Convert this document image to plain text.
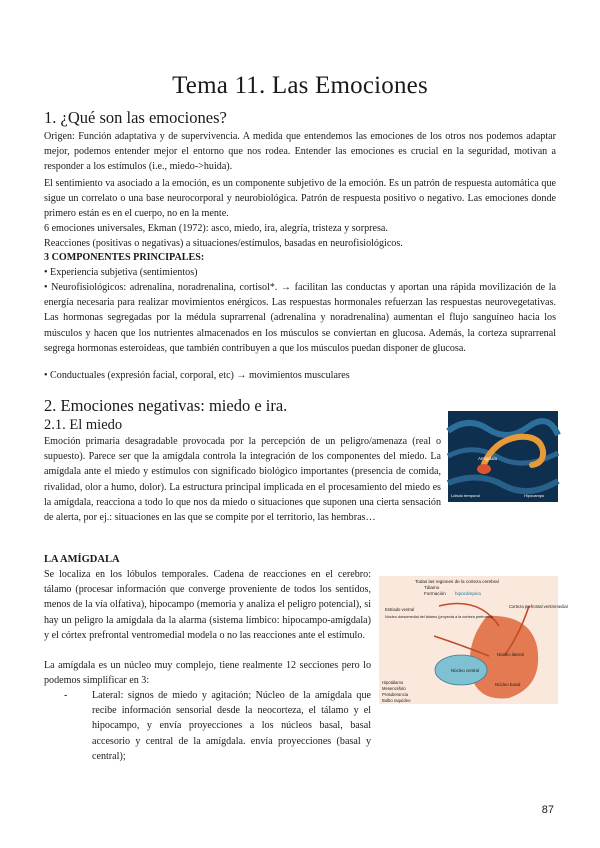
Tema 11. Las Emociones
1. ¿Qué son las emociones?

Origen: Función adaptativa y de supervivencia. A medida que entendemos las emociones de los otros nos podemos adaptar mejor, podemos entender mejor el entorno que nos rodea. Entender las emociones es crucial en la seguridad, motivan a responder a los estímulos (i.e., miedo->huida).

El sentimiento va asociado a la emoción, es un componente subjetivo de la emoción. Es un patrón de respuesta automática que sigue un correlato o una base neurocorporal y neurobiológica. Patrón de respuesta positivo o negativo. Las emociones donde primero están es en el cuerpo, no en la mente.

6 emociones universales, Ekman (1972): asco, miedo, ira, alegría, tristeza y sorpresa.

Reacciones (positivas o negativas) a situaciones/estímulos, basadas en neurofisiológicos.

3 COMPONENTES PRINCIPALES:

• Experiencia subjetiva (sentimientos)

• Neurofisiológicos: adrenalina, noradrenalina, cortisol*. → facilitan las conductas y aportan una rápida movilización de la energía necesaria para realizar movimientos enérgicos. Las respuestas hormonales refuerzan las respuestas neurovegetativas. Las hormonas segregadas por la médula suprarrenal (adrenalina y noradrenalina) aumentan el flujo sanguíneo hacia los músculos y hacen que los nutrientes almacenados en los músculos se conviertan en glucosa. Además, la corteza suprarrenal segrega hormonas esteroideas, que también contribuyen a que los músculos puedan disponer de glucosa.

• Conductuales (expresión facial, corporal, etc) → movimientos musculares

2. Emociones negativas: miedo e ira.
2.1. El miedo

Emoción primaria desagradable provocada por la percepción de un peligro/amenaza (real o supuesto). Parece ser que la amígdala controla la integración de los componentes del miedo. La amígdala ante el miedo y estímulos con significado biológico importantes (presencia de comida, rivalidad, olor a humo, dolor). La estructura principal implicada en el procesamiento del miedo es la amígdala, reacciona a todo lo que nos da miedo o situaciones que suponen una cierta sensación de alerta, por ej.: situaciones en las que se compite por el territorio, las hembras…

Amígdala
Lóbulo temporal	Hipocampo
LA AMÍGDALA

Se localiza en los lóbulos temporales. Cadena de reacciones en el cerebro: tálamo (procesar información que converge proveniente de todos los sentidos, menos de la vía olfativa), hipocampo (memoria y analiza el peligro potencial), si hay un peligro la amígdala da la alarma (sistema límbico: hipocampo-amígdala) y el córtex prefrontal ventromedial modela o no las reacciones ante el estímulo.

La amígdala es un núcleo muy complejo, tiene realmente 12 secciones pero lo podemos simplificar en 3:

- Lateral: signos de miedo y agitación; Núcleo de la amígdala que recibe información sensorial desde la neocorteza, el tálamo y el hipocampo, y envía proyecciones a los núcleos basal, basal accesorio y central de la amígdala. envía proyecciones (basal y central);

Todas las regiones de la corteza cerebral
Tálamo
Formación hipocámpica
Corteza prefrontal ventromedial
Estriado ventral
Núcleo dorsomedial del tálamo (proyecta a la corteza prefrontal)
Núcleo lateral
Núcleo central
Núcleo basal
Hipotálamo
Mesencéfalo
Protuberancia
Bulbo raquídeo
87
